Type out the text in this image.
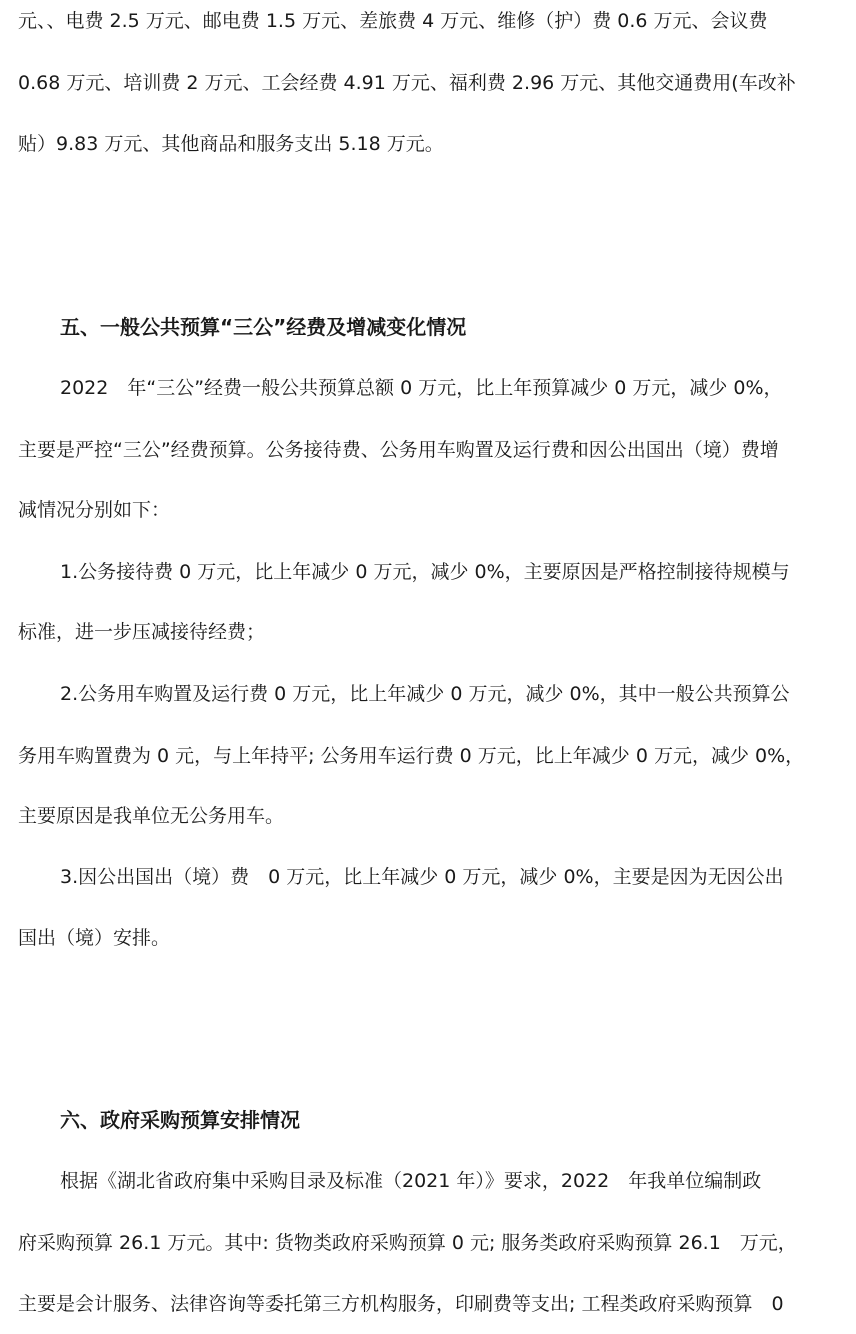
元、、电费 2.5 万元、邮电费 1.5 万元、差旅费 4 万元、维修（护）费 0.6 万元、会议费
0.68 万元、培训费 2 万元、工会经费 4.91 万元、福利费 2.96 万元、其他交通费用(车改补
贴）9.83 万元、其他商品和服务支出 5.18 万元。
五、一般公共预算“三公”经费及增减变化情况
2022　年“三公”经费一般公共预算总额 0 万元，比上年预算减少 0 万元，减少 0%，
主要是严控“三公”经费预算。公务接待费、公务用车购置及运行费和因公出国出（境）费增
减情况分别如下：
1.公务接待费 0 万元，比上年减少 0 万元，减少 0%，主要原因是严格控制接待规模与
标准，进一步压减接待经费；
2.公务用车购置及运行费 0 万元，比上年减少 0 万元，减少 0%，其中一般公共预算公
务用车购置费为 0 元，与上年持平; 公务用车运行费 0 万元，比上年减少 0 万元，减少 0%，
主要原因是我单位无公务用车。
3.因公出国出（境）费　0 万元，比上年减少 0 万元，减少 0%，主要是因为无因公出
国出（境）安排。
六、政府采购预算安排情况
根据《湖北省政府集中采购目录及标准（2021 年）》要求，2022　年我单位编制政
府采购预算 26.1 万元。其中: 货物类政府采购预算 0 元; 服务类政府采购预算 26.1　万元，
主要是会计服务、法律咨询等委托第三方机构服务，印刷费等支出; 工程类政府采购预算　0
